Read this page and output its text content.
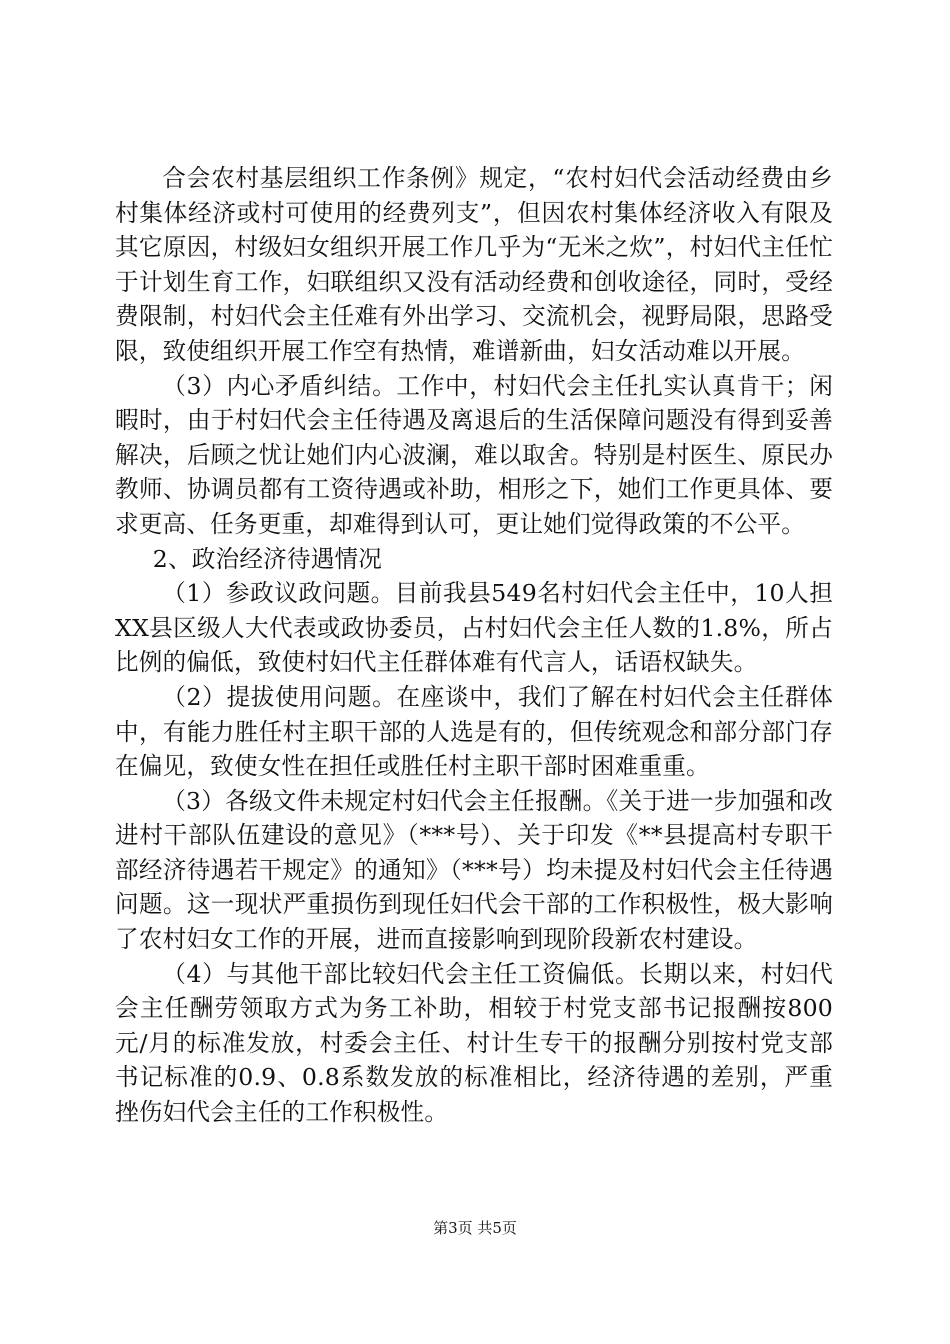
合会农村基层组织工作条例》规定，“农村妇代会活动经费由乡村集体经济或村可使用的经费列支”，但因农村集体经济收入有限及其它原因，村级妇女组织开展工作几乎为“无米之炊”，村妇代主任忙于计划生育工作，妇联组织又没有活动经费和创收途径，同时，受经费限制，村妇代会主任难有外出学习、交流机会，视野局限，思路受限，致使组织开展工作空有热情，难谱新曲，妇女活动难以开展。

（3）内心矛盾纠结。工作中，村妇代会主任扎实认真肯干；闲暇时，由于村妇代会主任待遇及离退后的生活保障问题没有得到妥善解决，后顾之忧让她们内心波澜，难以取舍。特别是村医生、原民办教师、协调员都有工资待遇或补助，相形之下，她们工作更具体、要求更高、任务更重，却难得到认可，更让她们觉得政策的不公平。

2、政治经济待遇情况

（1）参政议政问题。目前我县549名村妇代会主任中，10人担XX县区级人大代表或政协委员，占村妇代会主任人数的1.8%，所占比例的偏低，致使村妇代主任群体难有代言人，话语权缺失。

（2）提拔使用问题。在座谈中，我们了解在村妇代会主任群体中，有能力胜任村主职干部的人选是有的，但传统观念和部分部门存在偏见，致使女性在担任或胜任村主职干部时困难重重。

（3）各级文件未规定村妇代会主任报酬。《关于进一步加强和改进村干部队伍建设的意见》（***号）、关于印发《**县提高村专职干部经济待遇若干规定》的通知》（***号）均未提及村妇代会主任待遇问题。这一现状严重损伤到现任妇代会干部的工作积极性，极大影响了农村妇女工作的开展，进而直接影响到现阶段新农村建设。

（4）与其他干部比较妇代会主任工资偏低。长期以来，村妇代会主任酬劳领取方式为务工补助，相较于村党支部书记报酬按800元/月的标准发放，村委会主任、村计生专干的报酬分别按村党支部书记标准的0.9、0.8系数发放的标准相比，经济待遇的差别，严重挫伤妇代会主任的工作积极性。

第3页 共5页
